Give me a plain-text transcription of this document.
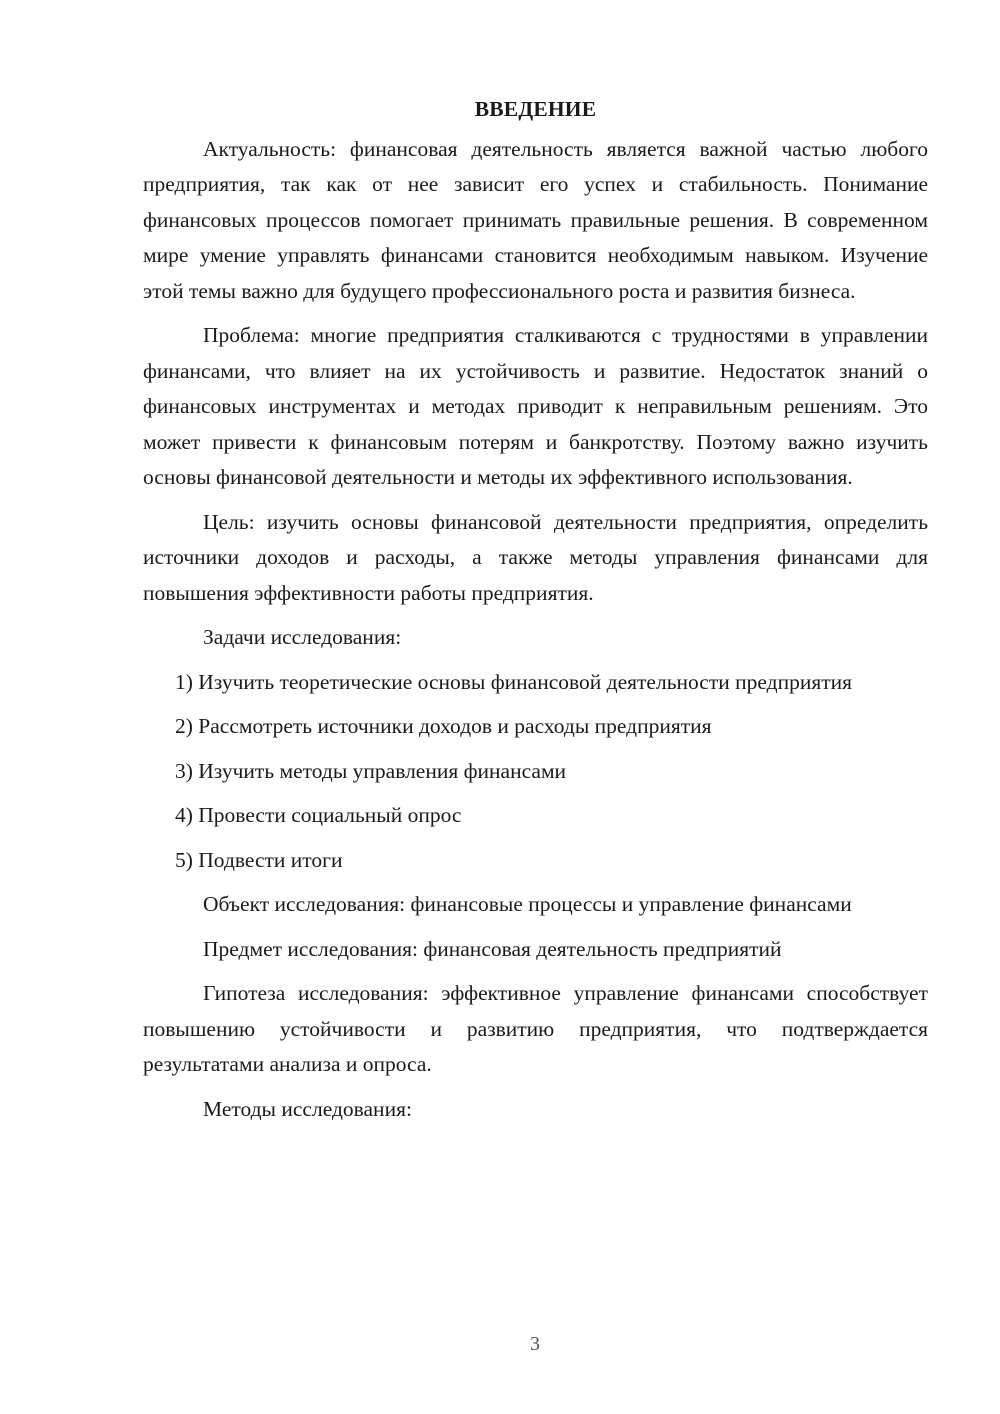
ВВЕДЕНИЕ

Актуальность: финансовая деятельность является важной частью любого предприятия, так как от нее зависит его успех и стабильность. Понимание финансовых процессов помогает принимать правильные решения. В современном мире умение управлять финансами становится необходимым навыком. Изучение этой темы важно для будущего профессионального роста и развития бизнеса.

Проблема: многие предприятия сталкиваются с трудностями в управлении финансами, что влияет на их устойчивость и развитие. Недостаток знаний о финансовых инструментах и методах приводит к неправильным решениям. Это может привести к финансовым потерям и банкротству. Поэтому важно изучить основы финансовой деятельности и методы их эффективного использования.

Цель: изучить основы финансовой деятельности предприятия, определить источники доходов и расходы, а также методы управления финансами для повышения эффективности работы предприятия.

Задачи исследования:

1) Изучить теоретические основы финансовой деятельности предприятия

2) Рассмотреть источники доходов и расходы предприятия

3) Изучить методы управления финансами

4) Провести социальный опрос

5) Подвести итоги

Объект исследования: финансовые процессы и управление финансами

Предмет исследования: финансовая деятельность предприятий

Гипотеза исследования: эффективное управление финансами способствует повышению устойчивости и развитию предприятия, что подтверждается результатами анализа и опроса.

Методы исследования:

3
